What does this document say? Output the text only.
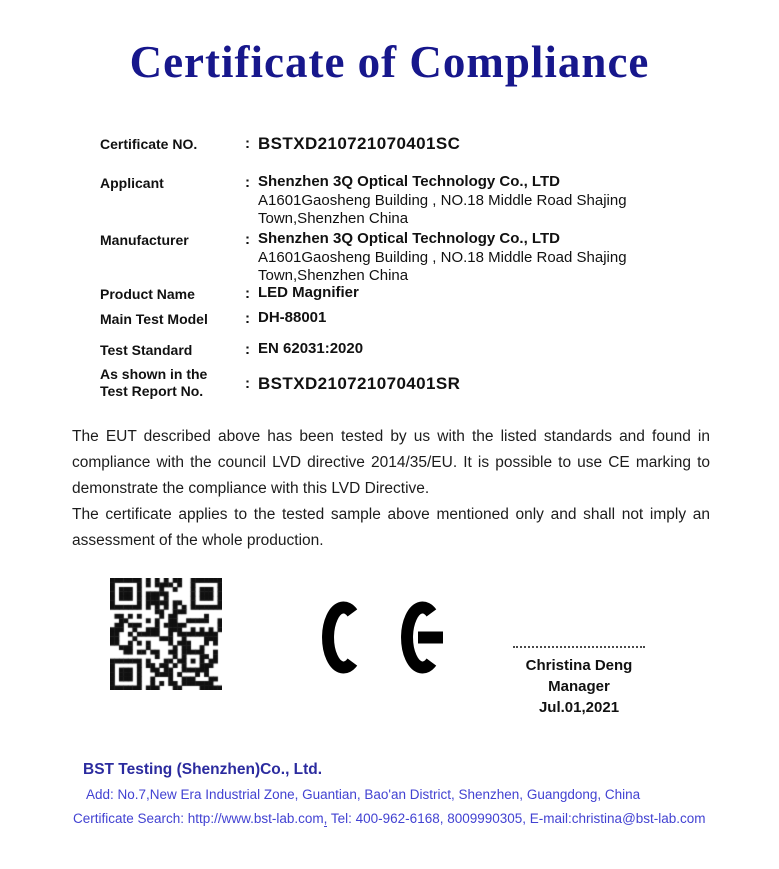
Certificate of Compliance
Certificate NO.	: BSTXD210721070401SC
Applicant	: Shenzhen 3Q Optical Technology Co., LTD
A1601Gaosheng Building , NO.18 Middle Road Shajing
Town,Shenzhen China
Manufacturer	: Shenzhen 3Q Optical Technology Co., LTD
A1601Gaosheng Building , NO.18 Middle Road Shajing
Town,Shenzhen China
Product Name	: LED Magnifier
Main Test Model	: DH-88001
Test Standard	: EN 62031:2020
As shown in the
Test Report No.	: BSTXD210721070401SR

The EUT described above has been tested by us with the listed standards and found in compliance with the council LVD directive 2014/35/EU. It is possible to use CE marking to demonstrate the compliance with this LVD Directive.

The certificate applies to the tested sample above mentioned only and shall not imply an assessment of the whole production.

Christina Deng
Manager
Jul.01,2021
BST Testing (Shenzhen)Co., Ltd.
Add: No.7,New Era Industrial Zone, Guantian, Bao'an District, Shenzhen, Guangdong, China
Certificate Search: http://www.bst-lab.com, Tel: 400-962-6168, 8009990305, E-mail:christina@bst-lab.com
